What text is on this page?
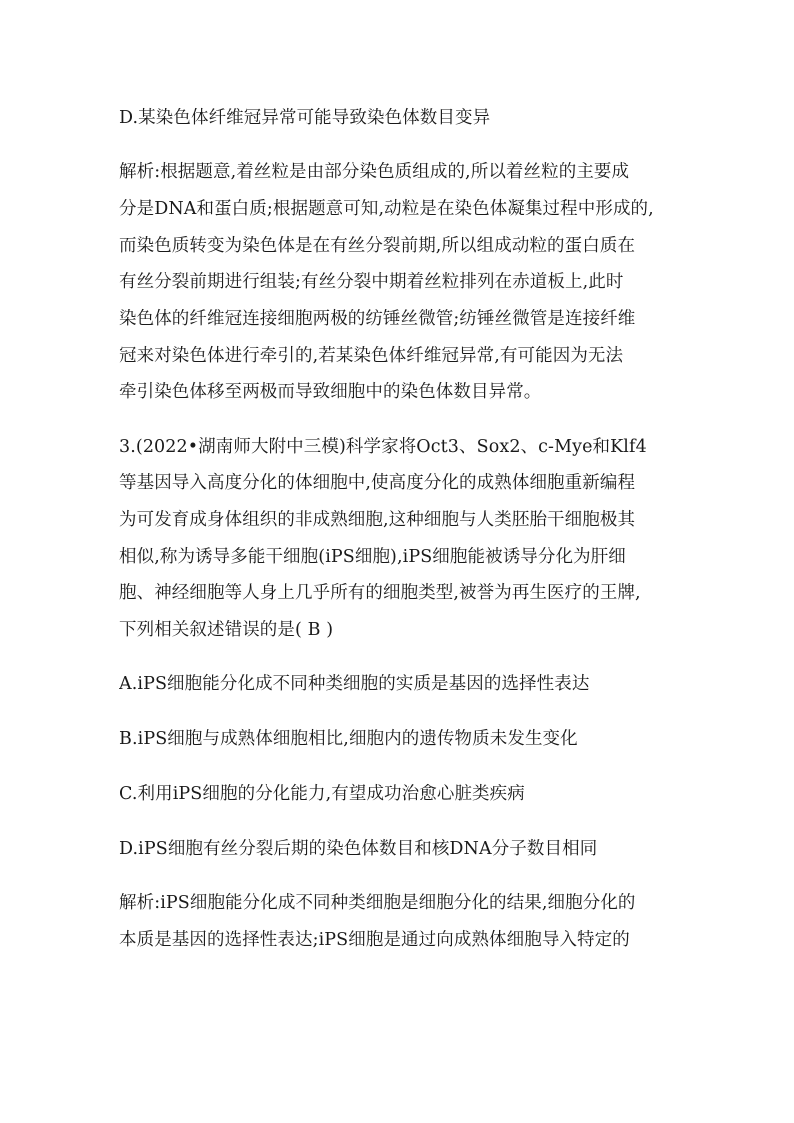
D.某染色体纤维冠异常可能导致染色体数目变异
解析:根据题意,着丝粒是由部分染色质组成的,所以着丝粒的主要成
分是DNA和蛋白质;根据题意可知,动粒是在染色体凝集过程中形成的,
而染色质转变为染色体是在有丝分裂前期,所以组成动粒的蛋白质在
有丝分裂前期进行组装;有丝分裂中期着丝粒排列在赤道板上,此时
染色体的纤维冠连接细胞两极的纺锤丝微管;纺锤丝微管是连接纤维
冠来对染色体进行牵引的,若某染色体纤维冠异常,有可能因为无法
牵引染色体移至两极而导致细胞中的染色体数目异常。
3.(2022•湖南师大附中三模)科学家将Oct3、Sox2、c-Mye和Klf4
等基因导入高度分化的体细胞中,使高度分化的成熟体细胞重新编程
为可发育成身体组织的非成熟细胞,这种细胞与人类胚胎干细胞极其
相似,称为诱导多能干细胞(iPS细胞),iPS细胞能被诱导分化为肝细
胞、神经细胞等人身上几乎所有的细胞类型,被誉为再生医疗的王牌,
下列相关叙述错误的是( B )
A.iPS细胞能分化成不同种类细胞的实质是基因的选择性表达
B.iPS细胞与成熟体细胞相比,细胞内的遗传物质未发生变化
C.利用iPS细胞的分化能力,有望成功治愈心脏类疾病
D.iPS细胞有丝分裂后期的染色体数目和核DNA分子数目相同
解析:iPS细胞能分化成不同种类细胞是细胞分化的结果,细胞分化的
本质是基因的选择性表达;iPS细胞是通过向成熟体细胞导入特定的
